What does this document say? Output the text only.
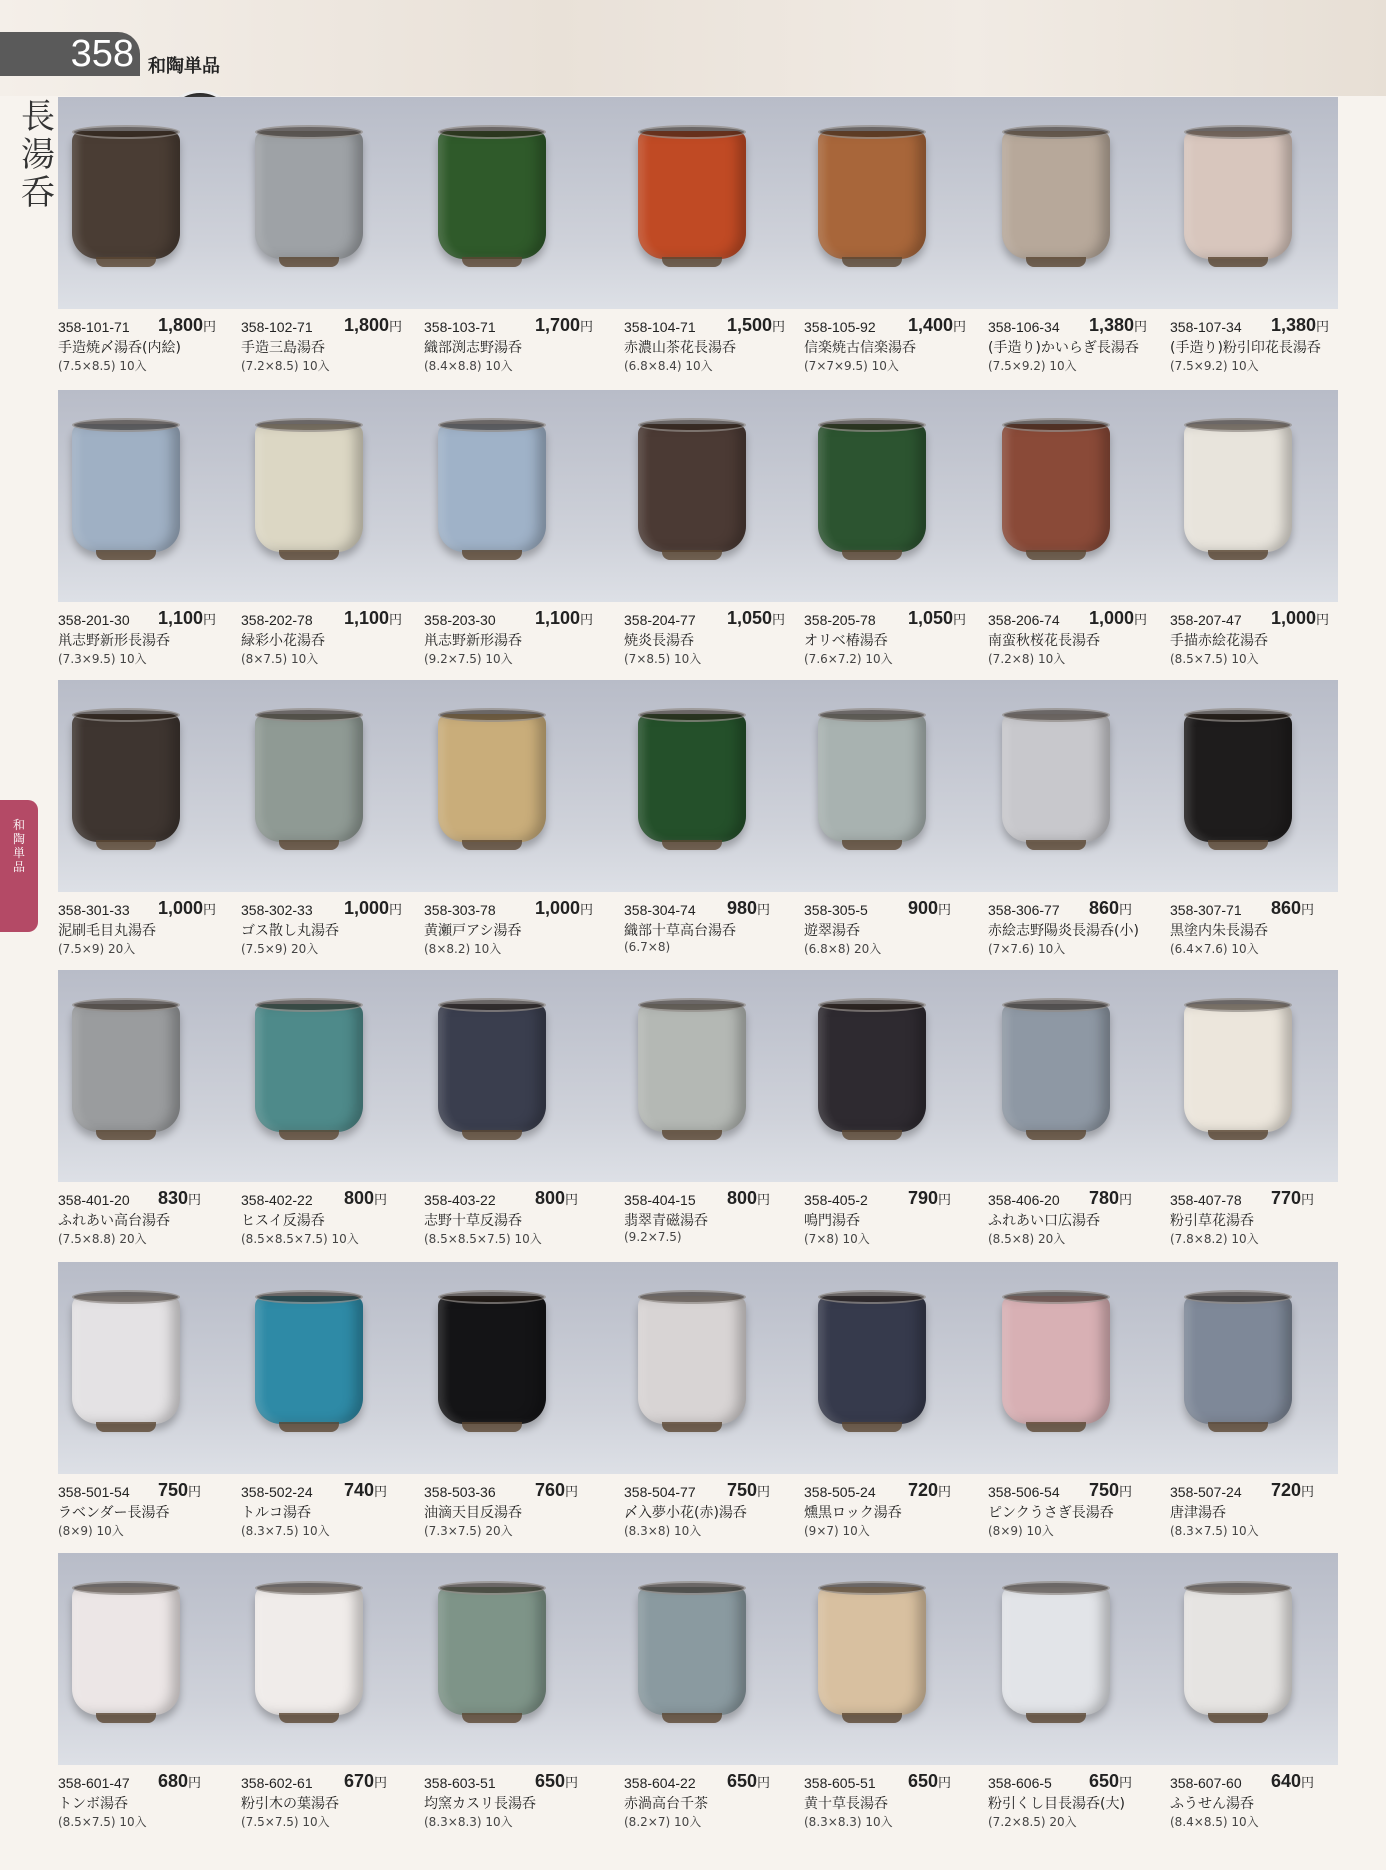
358 和陶単品
長湯呑
和陶単品
358-101-71 1,800円
手造焼〆湯呑(内絵)
(7.5×8.5) 10入
358-102-71 1,800円
手造三島湯呑
(7.2×8.5) 10入
358-103-71 1,700円
織部渕志野湯呑
(8.4×8.8) 10入
358-104-71 1,500円
赤濃山茶花長湯呑
(6.8×8.4) 10入
358-105-92 1,400円
信楽焼古信楽湯呑
(7×7×9.5) 10入
358-106-34 1,380円
(手造り)かいらぎ長湯呑
(7.5×9.2) 10入
358-107-34 1,380円
(手造り)粉引印花長湯呑
(7.5×9.2) 10入
358-201-30 1,100円
鼡志野新形長湯呑
(7.3×9.5) 10入
358-202-78 1,100円
緑彩小花湯呑
(8×7.5) 10入
358-203-30 1,100円
鼡志野新形湯呑
(9.2×7.5) 10入
358-204-77 1,050円
焼炎長湯呑
(7×8.5) 10入
358-205-78 1,050円
オリベ椿湯呑
(7.6×7.2) 10入
358-206-74 1,000円
南蛮秋桜花長湯呑
(7.2×8) 10入
358-207-47 1,000円
手描赤絵花湯呑
(8.5×7.5) 10入
358-301-33 1,000円
泥刷毛目丸湯呑
(7.5×9) 20入
358-302-33 1,000円
ゴス散し丸湯呑
(7.5×9) 20入
358-303-78 1,000円
黄瀬戸アシ湯呑
(8×8.2) 10入
358-304-74 980円
織部十草高台湯呑
(6.7×8)
358-305-5 900円
遊翠湯呑
(6.8×8) 20入
358-306-77 860円
赤絵志野陽炎長湯呑(小)
(7×7.6) 10入
358-307-71 860円
黒塗内朱長湯呑
(6.4×7.6) 10入
358-401-20 830円
ふれあい高台湯呑
(7.5×8.8) 20入
358-402-22 800円
ヒスイ反湯呑
(8.5×8.5×7.5) 10入
358-403-22 800円
志野十草反湯呑
(8.5×8.5×7.5) 10入
358-404-15 800円
翡翠青磁湯呑
(9.2×7.5)
358-405-2 790円
鳴門湯呑
(7×8) 10入
358-406-20 780円
ふれあい口広湯呑
(8.5×8) 20入
358-407-78 770円
粉引草花湯呑
(7.8×8.2) 10入
358-501-54 750円
ラベンダー長湯呑
(8×9) 10入
358-502-24 740円
トルコ湯呑
(8.3×7.5) 10入
358-503-36 760円
油滴天目反湯呑
(7.3×7.5) 20入
358-504-77 750円
〆入夢小花(赤)湯呑
(8.3×8) 10入
358-505-24 720円
燻黒ロック湯呑
(9×7) 10入
358-506-54 750円
ピンクうさぎ長湯呑
(8×9) 10入
358-507-24 720円
唐津湯呑
(8.3×7.5) 10入
358-601-47 680円
トンボ湯呑
(8.5×7.5) 10入
358-602-61 670円
粉引木の葉湯呑
(7.5×7.5) 10入
358-603-51 650円
均窯カスリ長湯呑
(8.3×8.3) 10入
358-604-22 650円
赤渦高台千茶
(8.2×7) 10入
358-605-51 650円
黄十草長湯呑
(8.3×8.3) 10入
358-606-5 650円
粉引くし目長湯呑(大)
(7.2×8.5) 20入
358-607-60 640円
ふうせん湯呑
(8.4×8.5) 10入
